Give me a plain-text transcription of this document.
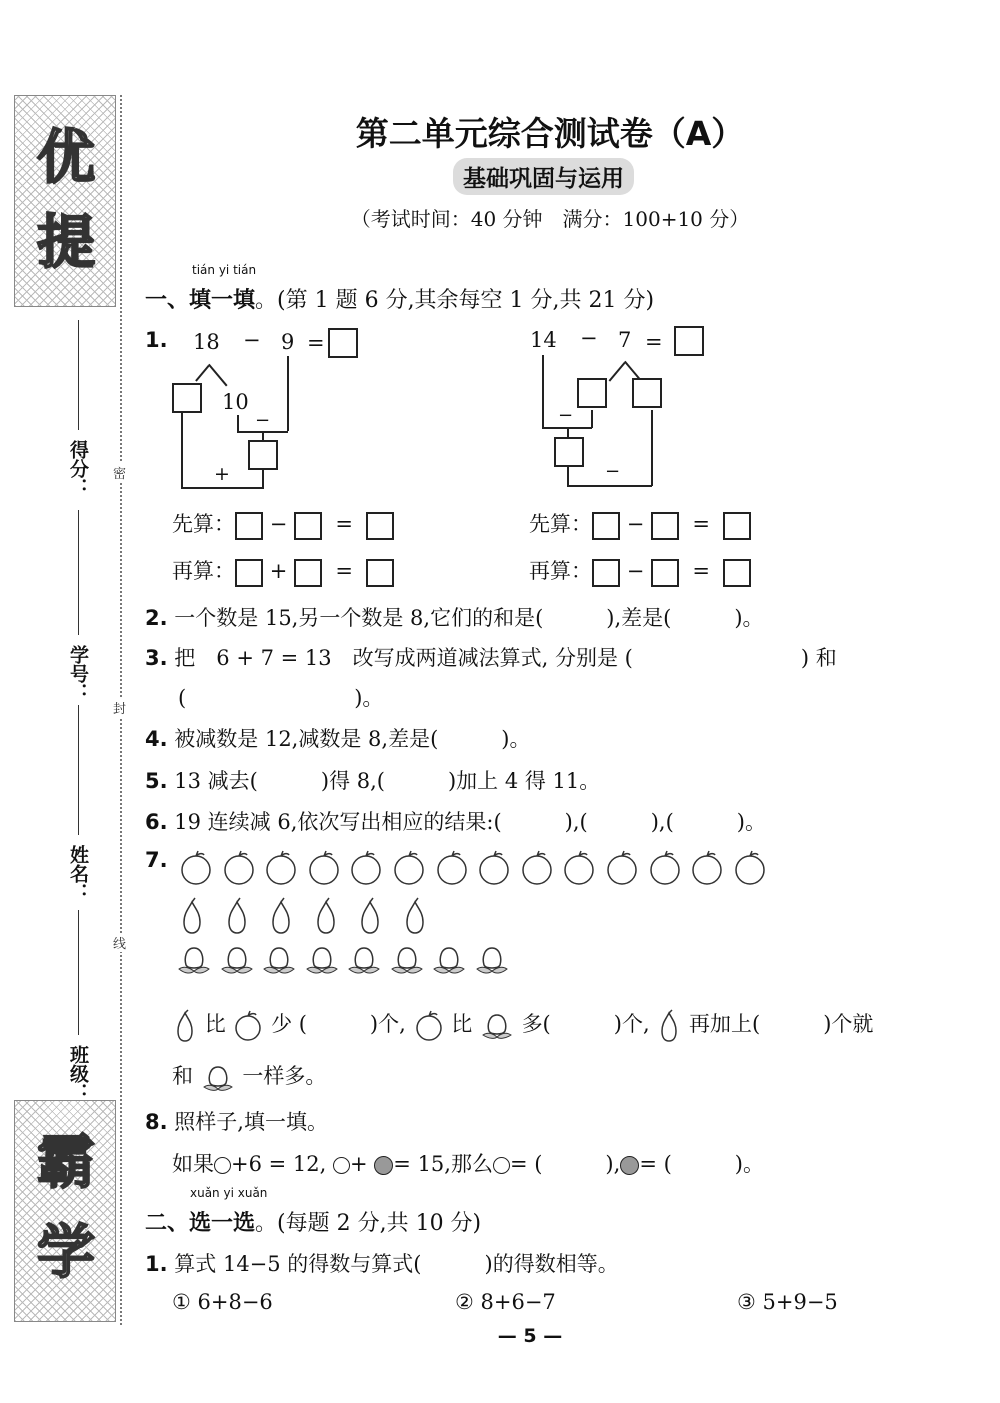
优
提
霸
学
得分：
学号：
姓名：
班级：
密
封
线
第二单元综合测试卷（A）
基础巩固与运用
（考试时间：40 分钟　满分：100+10 分）
tián yi tián
一、填一填。(第 1 题 6 分,其余每空 1 分,共 21 分)
1. 18 − 9 =
10
−
+
14 − 7 =
−
−
先算： − =
再算： + =
先算： − =
再算： − =
2. 一个数是 15,另一个数是 8,它们的和是(　　　),差是(　　　)。
3. 把　6 + 7 = 13　改写成两道减法算式, 分别是 (　　　　　　　　) 和
(　　　　　　　　)。
4. 被减数是 12,减数是 8,差是(　　　)。
5. 13 减去(　　　)得 8,(　　　)加上 4 得 11。
6. 19 连续减 6,依次写出相应的结果:(　　　),(　　　),(　　　)。
7.
比 少 (　　　)个, 比 多(　　　)个, 再加上(　　　)个就
和 一样多。
8. 照样子,填一填。
如果 +6 = 12, + = 15,那么 = (　　　), = (　　　)。
xuǎn yi xuǎn
二、选一选。(每题 2 分,共 10 分)
1. 算式 14−5 的得数与算式(　　　)的得数相等。
① 6+8−6	② 8+6−7	③ 5+9−5
— 5 —
